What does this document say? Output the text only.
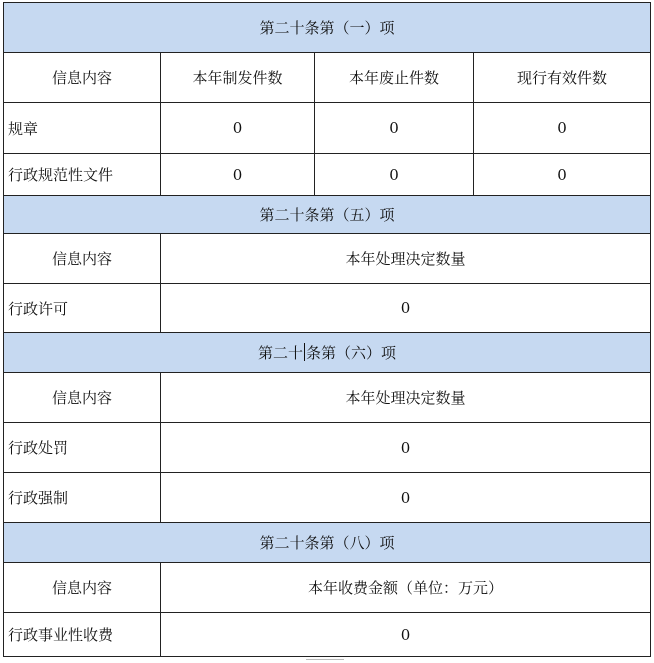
第二十条第（一）项			
信息内容	本年制发件数	本年废止件数	现行有效件数
规章	0	0	0
行政规范性文件	0	0	0
第二十条第（五）项			
信息内容	本年处理决定数量		
行政许可	0		
第二十 条第（六）项			
信息内容	本年处理决定数量		
行政处罚	0		
行政强制	0		
第二十条第（八）项			
信息内容	本年收费金额（单位：万元）		
行政事业性收费	0		
